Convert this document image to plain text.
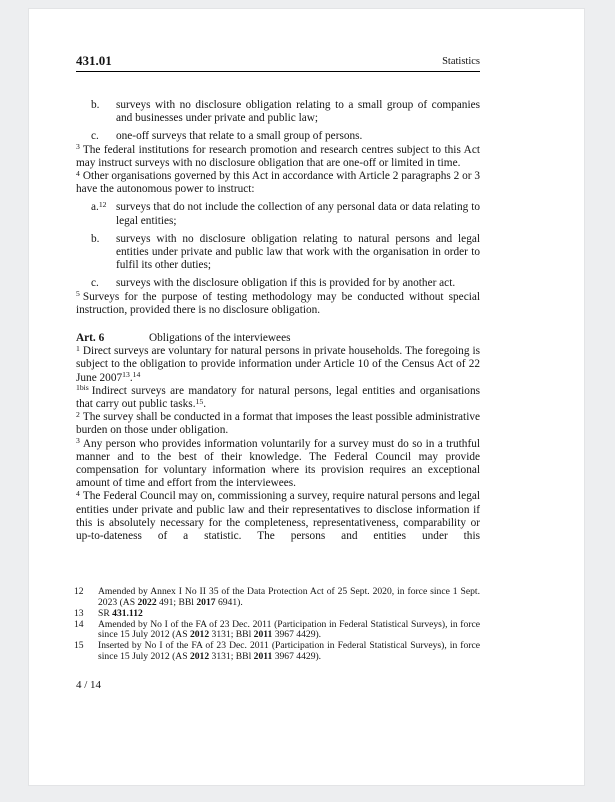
431.01	Statistics
b.	surveys with no disclosure obligation relating to a small group of companies and businesses under private and public law;
c.	one-off surveys that relate to a small group of persons.

$^3$ The federal institutions for research promotion and research centres subject to this Act may instruct surveys with no disclosure obligation that are one-off or limited in time.

$^4$ Other organisations governed by this Act in accordance with Article 2 paragraphs 2 or 3 have the autonomous power to instruct:

a.$^{12}$ surveys that do not include the collection of any personal data or data relating to legal entities;
b.	surveys with no disclosure obligation relating to natural persons and legal entities under private and public law that work with the organisation in order to fulfil its other duties;
c.	surveys with the disclosure obligation if this is provided for by another act.

$^5$ Surveys for the purpose of testing methodology may be conducted without special instruction, provided there is no disclosure obligation.

Art. 6	Obligations of the interviewees

$^1$ Direct surveys are voluntary for natural persons in private households. The foregoing is subject to the obligation to provide information under Article 10 of the Census Act of 22 June 2007$^{13}$.$^{14}$

$^{1bis}$ Indirect surveys are mandatory for natural persons, legal entities and organisations that carry out public tasks.$^{15}$.

$^2$ The survey shall be conducted in a format that imposes the least possible administrative burden on those under obligation.

$^3$ Any person who provides information voluntarily for a survey must do so in a truthful manner and to the best of their knowledge. The Federal Council may provide compensation for voluntary information where its provision requires an exceptional amount of time and effort from the interviewees.

$^4$ The Federal Council may on, commissioning a survey, require natural persons and legal entities under private and public law and their representatives to disclose information if this is absolutely necessary for the completeness, representativeness, comparability or up-to-dateness of a statistic. The persons and entities under this

12	Amended by Annex I No II 35 of the Data Protection Act of 25 Sept. 2020, in force since 1 Sept. 2023 (AS 2022 491; BBl 2017 6941).
13	SR 431.112
14	Amended by No I of the FA of 23 Dec. 2011 (Participation in Federal Statistical Surveys), in force since 15 July 2012 (AS 2012 3131; BBl 2011 3967 4429).
15	Inserted by No I of the FA of 23 Dec. 2011 (Participation in Federal Statistical Surveys), in force since 15 July 2012 (AS 2012 3131; BBl 2011 3967 4429).
4 / 14
